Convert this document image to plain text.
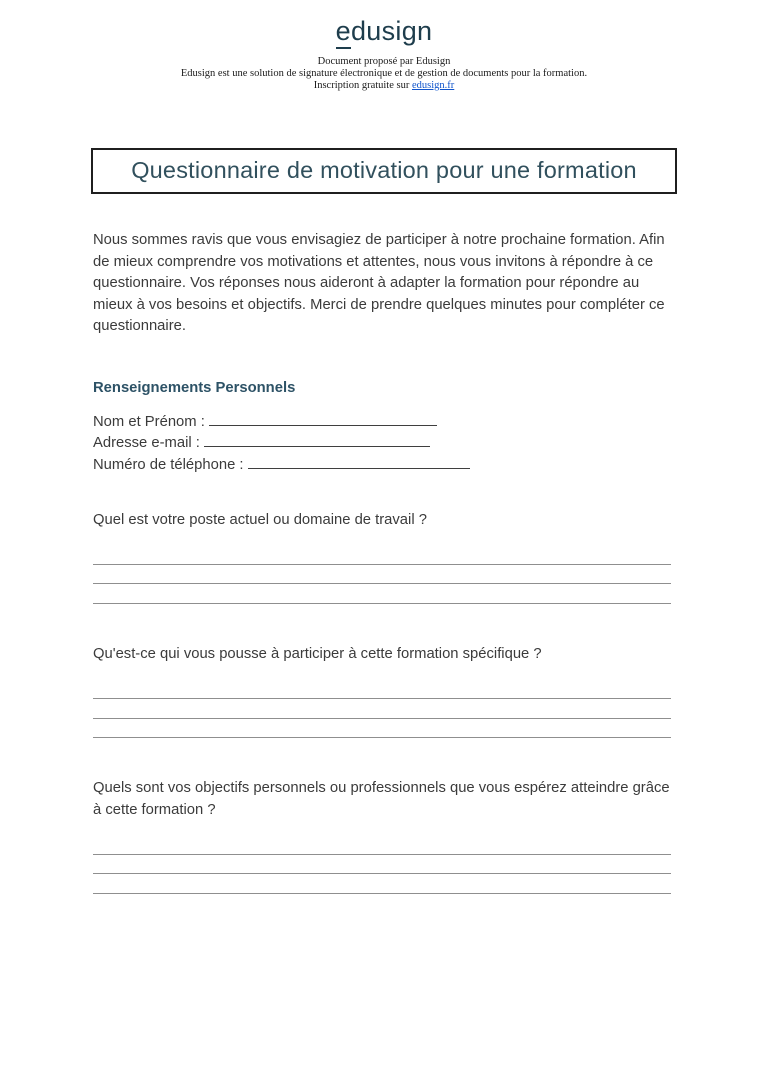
edusign
Document proposé par Edusign
Edusign est une solution de signature électronique et de gestion de documents pour la formation.
Inscription gratuite sur edusign.fr
Questionnaire de motivation pour une formation

Nous sommes ravis que vous envisagiez de participer à notre prochaine formation. Afin de mieux comprendre vos motivations et attentes, nous vous invitons à répondre à ce questionnaire. Vos réponses nous aideront à adapter la formation pour répondre au mieux à vos besoins et objectifs. Merci de prendre quelques minutes pour compléter ce questionnaire.

Renseignements Personnels
Nom et Prénom :
Adresse e-mail :
Numéro de téléphone :
Quel est votre poste actuel ou domaine de travail ?
Qu'est-ce qui vous pousse à participer à cette formation spécifique ?
Quels sont vos objectifs personnels ou professionnels que vous espérez atteindre grâce à cette formation ?
